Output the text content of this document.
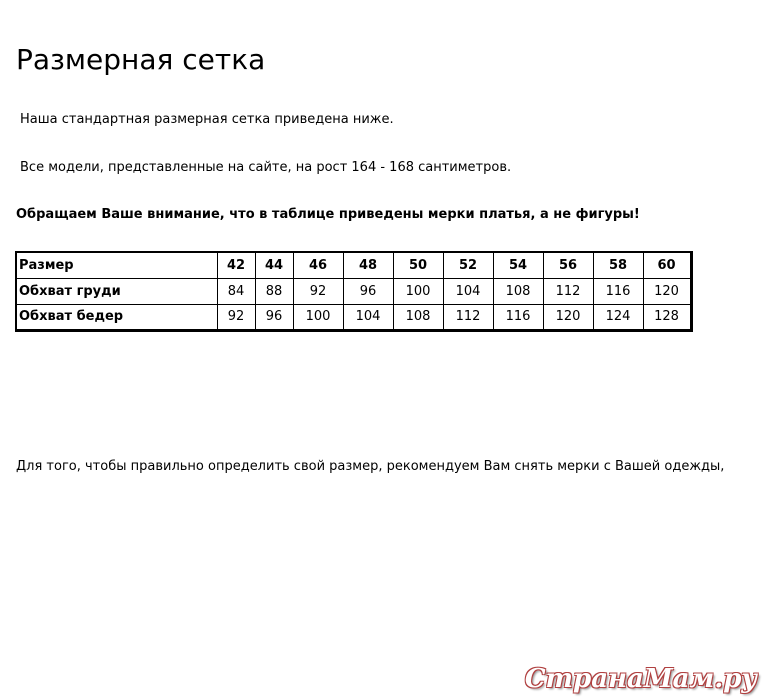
Размерная сетка

Наша стандартная размерная сетка приведена ниже.

Все модели, представленные на сайте, на рост 164 - 168 сантиметров.

Обращаем Ваше внимание, что в таблице приведены мерки платья, а не фигуры!

Размер	42	44	46	48	50	52	54	56	58	60
Обхват груди	84	88	92	96	100	104	108	112	116	120
Обхват бедер	92	96	100	104	108	112	116	120	124	128

Для того, чтобы правильно определить свой размер, рекомендуем Вам снять мерки с Вашей одежды,

СтранаМам.ру
